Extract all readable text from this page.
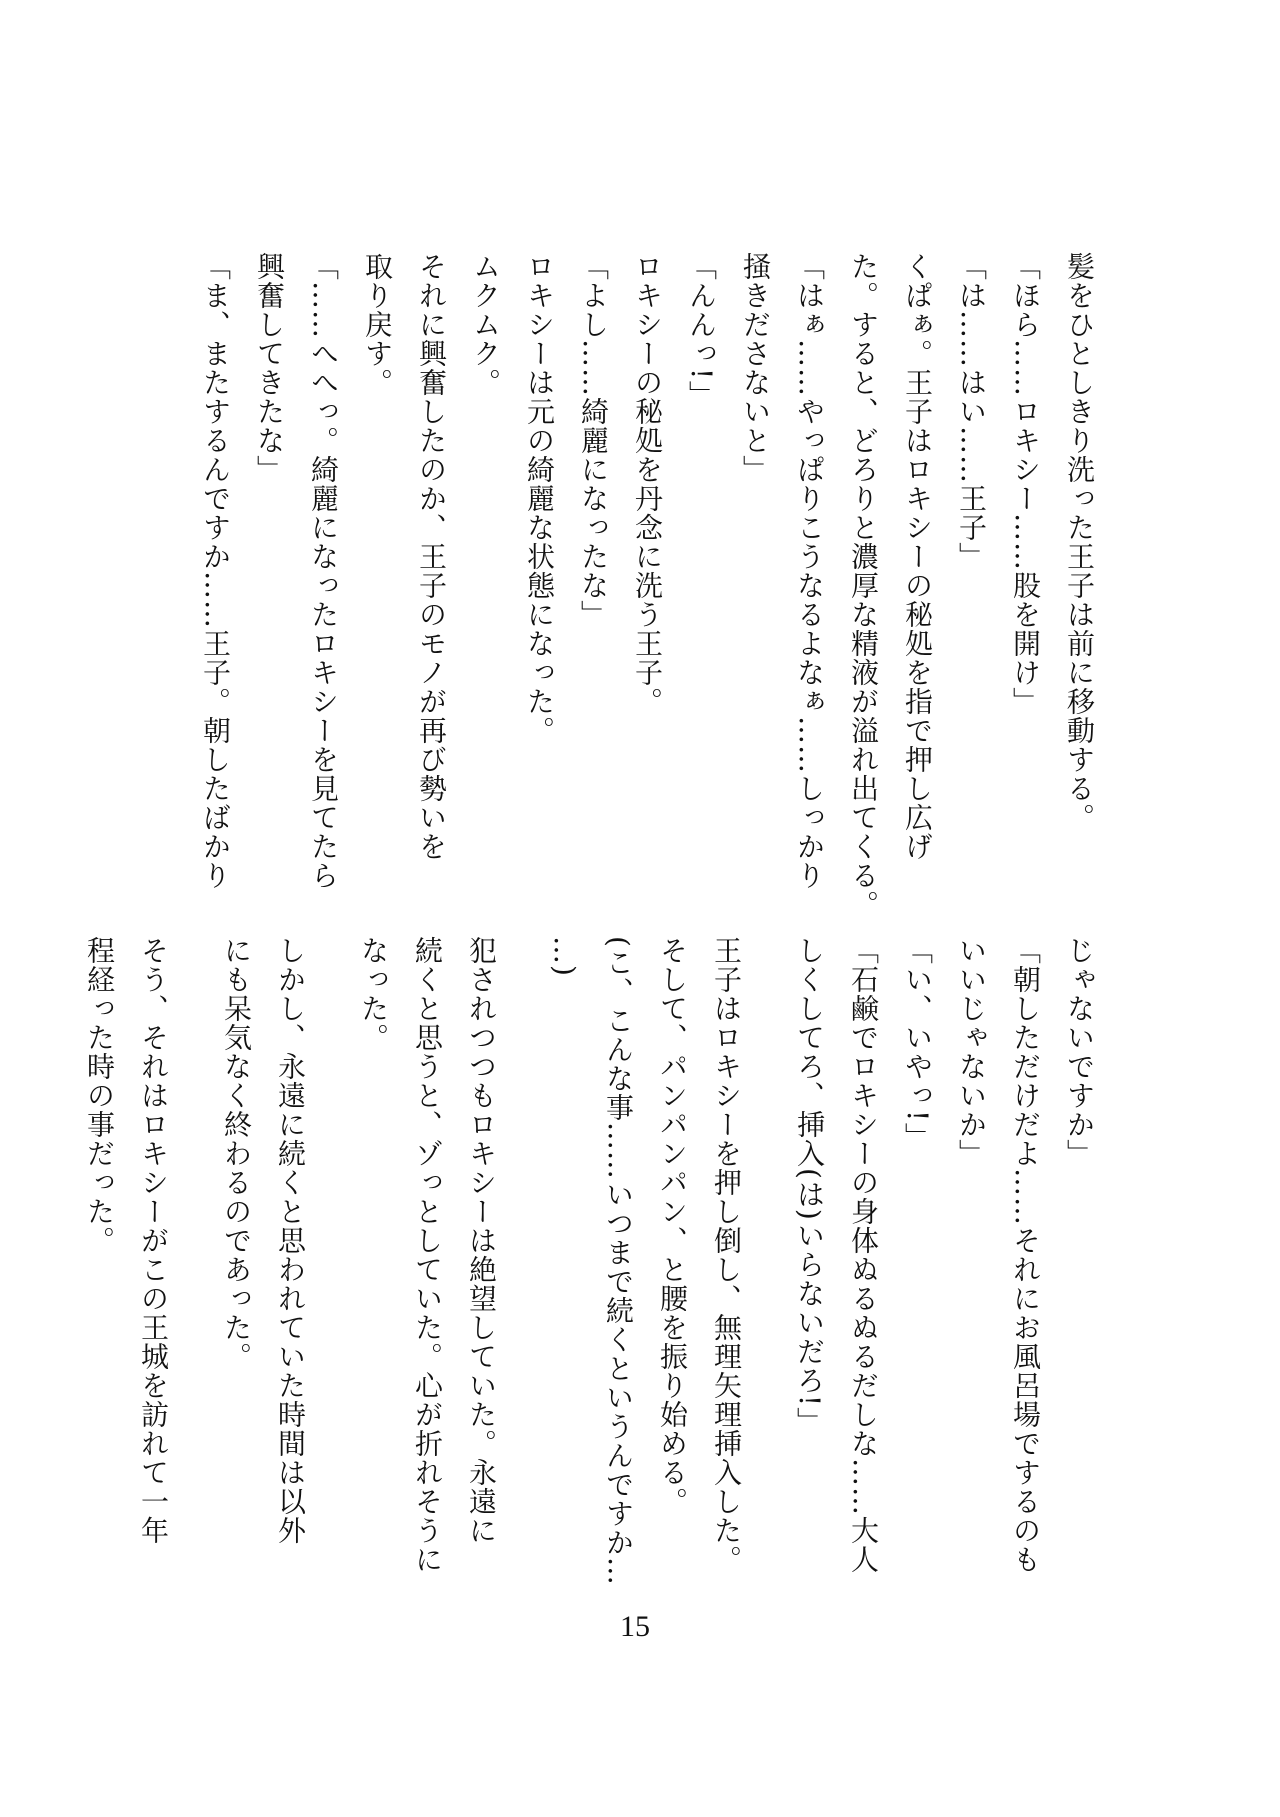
髪をひとしきり洗った王子は前に移動する。
「ほら……ロキシー……股を開け」
「は……はい……王子」
くぱぁ。王子はロキシーの秘処を指で押し広げ
た。すると、どろりと濃厚な精液が溢れ出てくる。
「はぁ……やっぱりこうなるよなぁ……しっかり
掻きださないと」
「んんっ!」
ロキシーの秘処を丹念に洗う王子。
「よし……綺麗になったな」
ロキシーは元の綺麗な状態になった。
ムクムク。
それに興奮したのか、王子のモノが再び勢いを
取り戻す。
「……へへっ。綺麗になったロキシーを見てたら
興奮してきたな」
「ま、またするんですか……王子。朝したばかり
じゃないですか」
「朝しただけだよ……それにお風呂場でするのも
いいじゃないか」
「い、いやっ!」
「石鹸でロキシーの身体ぬるぬるだしな……大人
しくしてろ、挿入(は)いらないだろ!」
王子はロキシーを押し倒し、無理矢理挿入した。
そして、パンパンパン、と腰を振り始める。
(こ、こんな事……いつまで続くというんですか…
…)
犯されつつもロキシーは絶望していた。永遠に
続くと思うと、ゾっとしていた。心が折れそうに
なった。
しかし、永遠に続くと思われていた時間は以外
にも呆気なく終わるのであった。
そう、それはロキシーがこの王城を訪れて一年
程経った時の事だった。
15
